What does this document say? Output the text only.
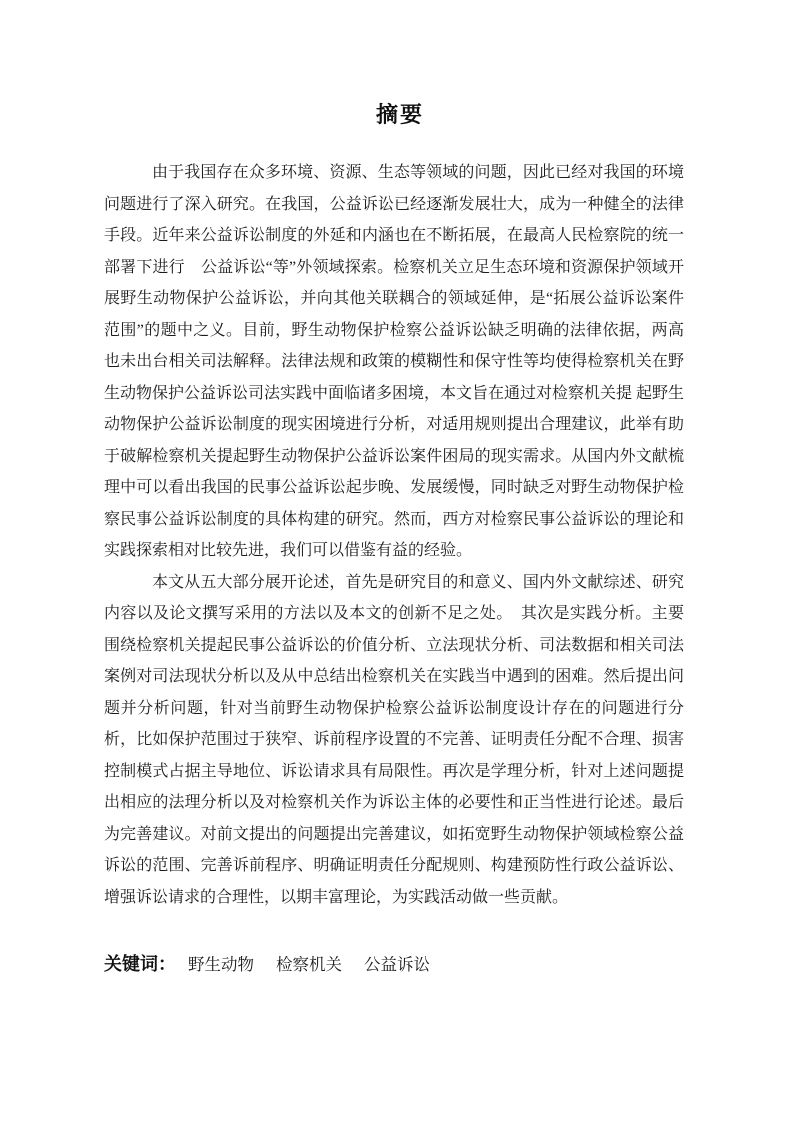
摘要

由于我国存在众多环境、资源、生态等领域的问题，因此已经对我国的环境问题进行了深入研究。在我国，公益诉讼已经逐渐发展壮大，成为一种健全的法律手段。近年来公益诉讼制度的外延和内涵也在不断拓展，在最高人民检察院的统一部署下进行　公益诉讼“等”外领域探索。检察机关立足生态环境和资源保护领域开展野生动物保护公益诉讼，并向其他关联耦合的领域延伸，是“拓展公益诉讼案件范围”的题中之义。目前，野生动物保护检察公益诉讼缺乏明确的法律依据，两高也未出台相关司法解释。法律法规和政策的模糊性和保守性等均使得检察机关在野生动物保护公益诉讼司法实践中面临诸多困境，本文旨在通过对检察机关提 起野生动物保护公益诉讼制度的现实困境进行分析，对适用规则提出合理建议，此举有助于破解检察机关提起野生动物保护公益诉讼案件困局的现实需求。从国内外文献梳理中可以看出我国的民事公益诉讼起步晚、发展缓慢，同时缺乏对野生动物保护检察民事公益诉讼制度的具体构建的研究。然而，西方对检察民事公益诉讼的理论和实践探索相对比较先进，我们可以借鉴有益的经验。

本文从五大部分展开论述，首先是研究目的和意义、国内外文献综述、研究内容以及论文撰写采用的方法以及本文的创新不足之处。　其次是实践分析。主要围绕检察机关提起民事公益诉讼的价值分析、立法现状分析、司法数据和相关司法案例对司法现状分析以及从中总结出检察机关在实践当中遇到的困难。然后提出问题并分析问题，针对当前野生动物保护检察公益诉讼制度设计存在的问题进行分析，比如保护范围过于狭窄、诉前程序设置的不完善、证明责任分配不合理、损害控制模式占据主导地位、诉讼请求具有局限性。再次是学理分析，针对上述问题提出相应的法理分析以及对检察机关作为诉讼主体的必要性和正当性进行论述。最后为完善建议。对前文提出的问题提出完善建议，如拓宽野生动物保护领域检察公益诉讼的范围、完善诉前程序、明确证明责任分配规则、构建预防性行政公益诉讼、增强诉讼请求的合理性，以期丰富理论，为实践活动做一些贡献。

关键词： 野生动物 检察机关 公益诉讼
